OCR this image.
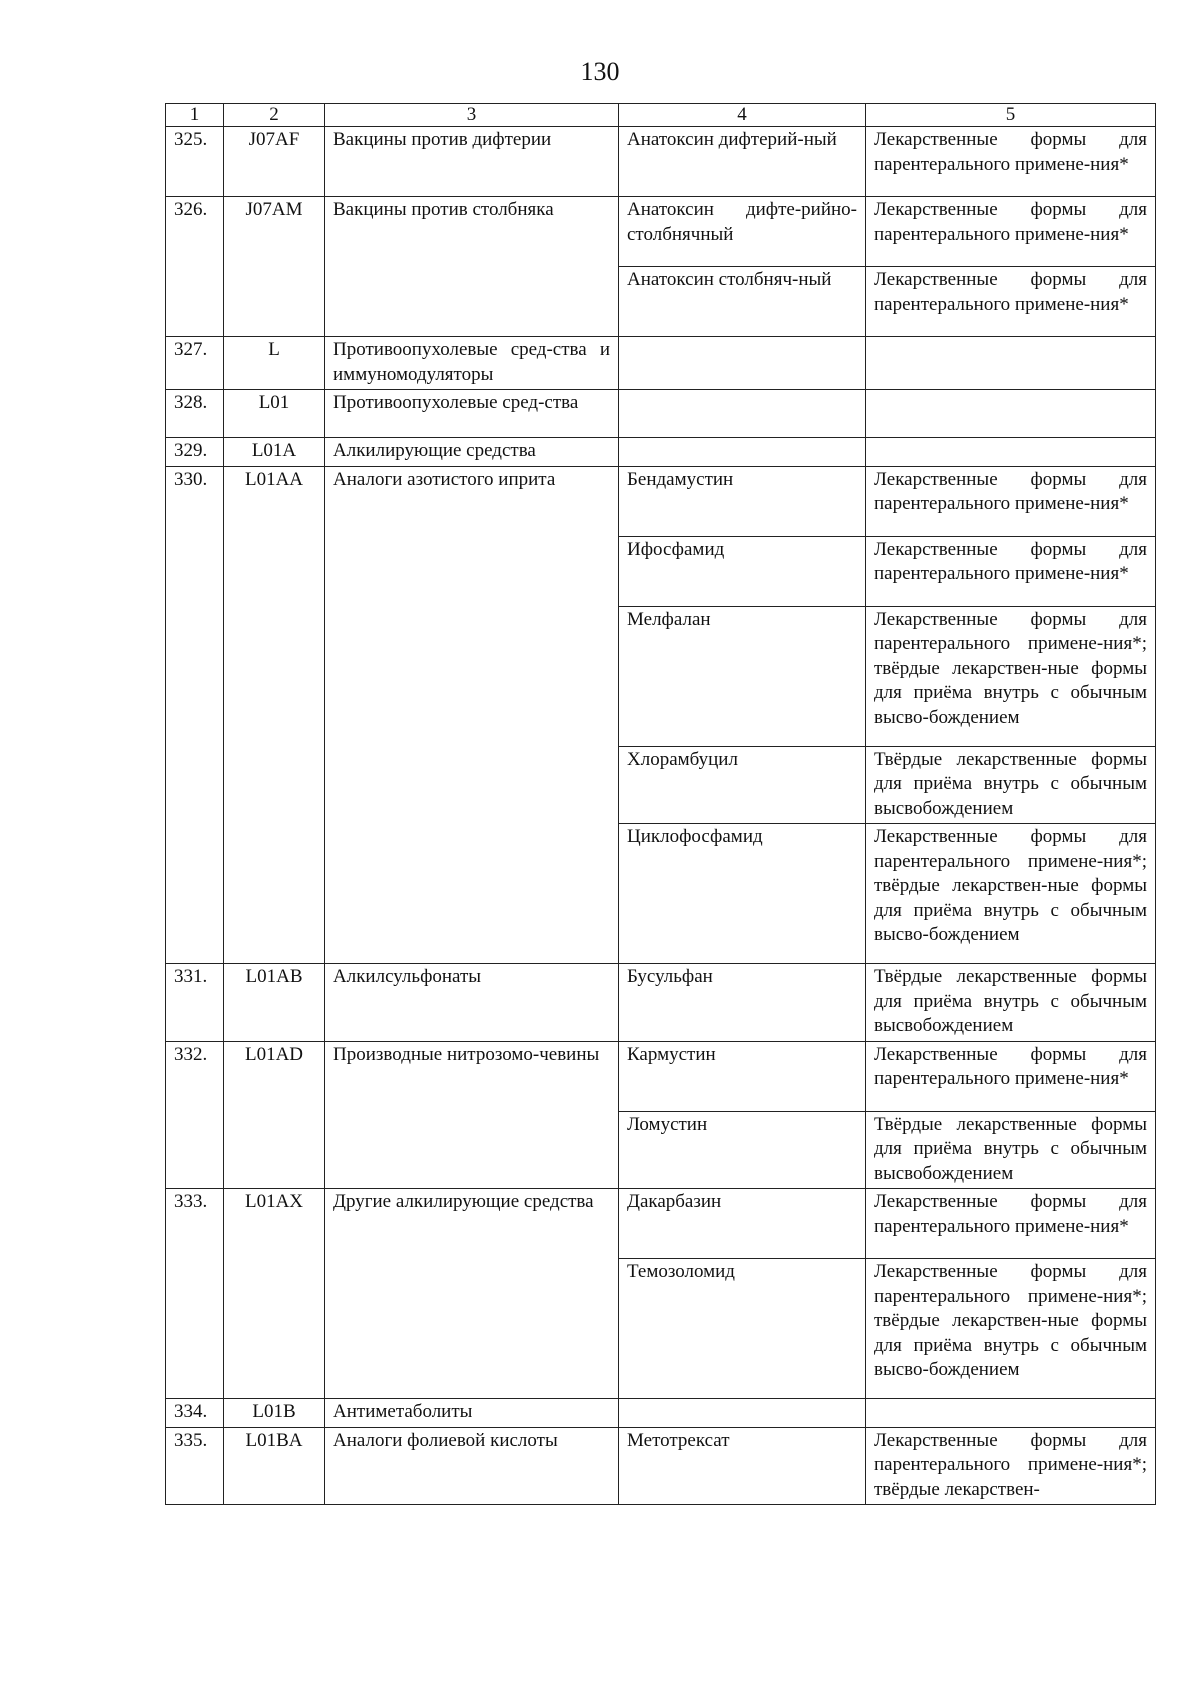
130
1	2	3	4	5
325.	J07AF	Вакцины против дифтерии	Анатоксин дифтерий-ный	Лекарственные формы для парентерального примене-ния*
326.	J07AM	Вакцины против столбняка	Анатоксин дифте-рийно-столбнячный	Лекарственные формы для парентерального примене-ния*
			Анатоксин столбняч-ный	Лекарственные формы для парентерального примене-ния*
327.	L	Противоопухолевые сред-ства и иммуномодуляторы		
328.	L01	Противоопухолевые сред-ства		
329.	L01A	Алкилирующие средства		
330.	L01AA	Аналоги азотистого иприта	Бендамустин	Лекарственные формы для парентерального примене-ния*
			Ифосфамид	Лекарственные формы для парентерального примене-ния*
			Мелфалан	Лекарственные формы для парентерального примене-ния*; твёрдые лекарствен-ные формы для приёма внутрь с обычным высво-бождением
			Хлорамбуцил	Твёрдые лекарственные формы для приёма внутрь с обычным высвобождением
			Циклофосфамид	Лекарственные формы для парентерального примене-ния*; твёрдые лекарствен-ные формы для приёма внутрь с обычным высво-бождением
331.	L01AB	Алкилсульфонаты	Бусульфан	Твёрдые лекарственные формы для приёма внутрь с обычным высвобождением
332.	L01AD	Производные нитрозомо-чевины	Кармустин	Лекарственные формы для парентерального примене-ния*
			Ломустин	Твёрдые лекарственные формы для приёма внутрь с обычным высвобождением
333.	L01AX	Другие алкилирующие средства	Дакарбазин	Лекарственные формы для парентерального примене-ния*
			Темозоломид	Лекарственные формы для парентерального примене-ния*; твёрдые лекарствен-ные формы для приёма внутрь с обычным высво-бождением
334.	L01B	Антиметаболиты		
335.	L01BA	Аналоги фолиевой кислоты	Метотрексат	Лекарственные формы для парентерального примене-ния*; твёрдые лекарствен-
